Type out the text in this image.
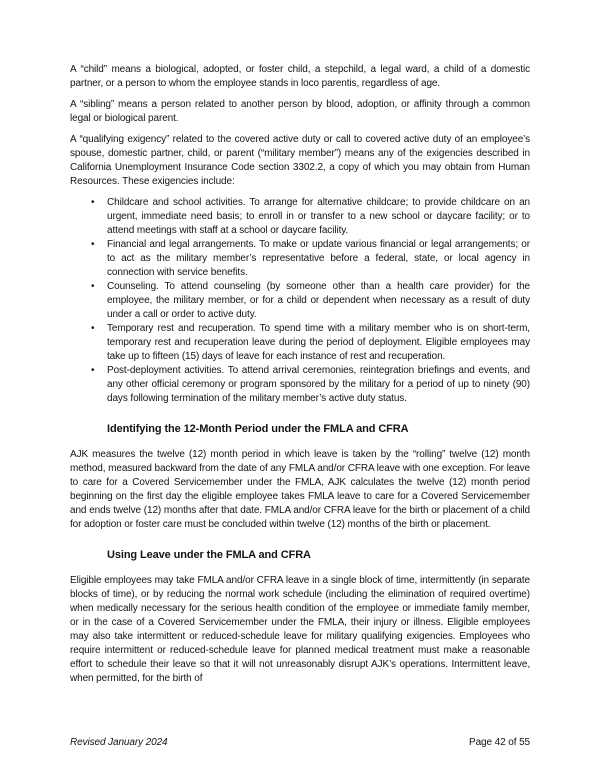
A “child” means a biological, adopted, or foster child, a stepchild, a legal ward, a child of a domestic partner, or a person to whom the employee stands in loco parentis, regardless of age.

A “sibling” means a person related to another person by blood, adoption, or affinity through a common legal or biological parent.

A “qualifying exigency” related to the covered active duty or call to covered active duty of an employee’s spouse, domestic partner, child, or parent (“military member”) means any of the exigencies described in California Unemployment Insurance Code section 3302.2, a copy of which you may obtain from Human Resources. These exigencies include:

• Childcare and school activities. To arrange for alternative childcare; to provide childcare on an urgent, immediate need basis; to enroll in or transfer to a new school or daycare facility; or to attend meetings with staff at a school or daycare facility.
• Financial and legal arrangements. To make or update various financial or legal arrangements; or to act as the military member’s representative before a federal, state, or local agency in connection with service benefits.
• Counseling. To attend counseling (by someone other than a health care provider) for the employee, the military member, or for a child or dependent when necessary as a result of duty under a call or order to active duty.
• Temporary rest and recuperation. To spend time with a military member who is on short-term, temporary rest and recuperation leave during the period of deployment. Eligible employees may take up to fifteen (15) days of leave for each instance of rest and recuperation.
• Post-deployment activities. To attend arrival ceremonies, reintegration briefings and events, and any other official ceremony or program sponsored by the military for a period of up to ninety (90) days following termination of the military member’s active duty status.
Identifying the 12-Month Period under the FMLA and CFRA

AJK measures the twelve (12) month period in which leave is taken by the “rolling” twelve (12) month method, measured backward from the date of any FMLA and/or CFRA leave with one exception. For leave to care for a Covered Servicemember under the FMLA, AJK calculates the twelve (12) month period beginning on the first day the eligible employee takes FMLA leave to care for a Covered Servicemember and ends twelve (12) months after that date. FMLA and/or CFRA leave for the birth or placement of a child for adoption or foster care must be concluded within twelve (12) months of the birth or placement.

Using Leave under the FMLA and CFRA

Eligible employees may take FMLA and/or CFRA leave in a single block of time, intermittently (in separate blocks of time), or by reducing the normal work schedule (including the elimination of required overtime) when medically necessary for the serious health condition of the employee or immediate family member, or in the case of a Covered Servicemember under the FMLA, their injury or illness. Eligible employees may also take intermittent or reduced-schedule leave for military qualifying exigencies. Employees who require intermittent or reduced-schedule leave for planned medical treatment must make a reasonable effort to schedule their leave so that it will not unreasonably disrupt AJK’s operations. Intermittent leave, when permitted, for the birth of

Revised January 2024	Page 42 of 55
